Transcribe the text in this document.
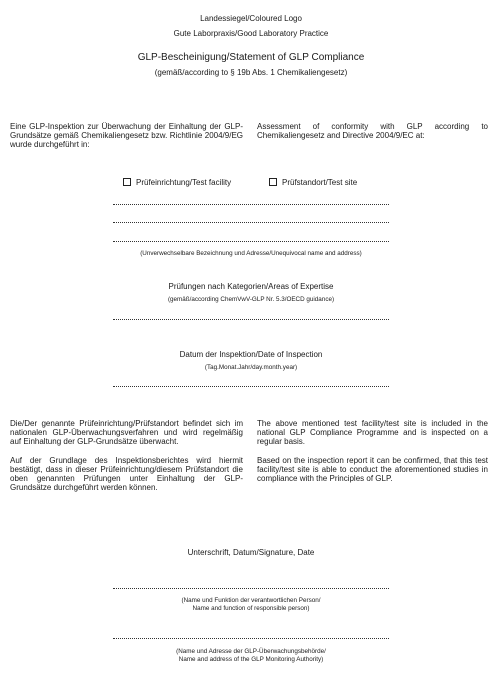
Landessiegel/Coloured Logo
Gute Laborpraxis/Good Laboratory Practice
GLP-Bescheinigung/Statement of GLP Compliance
(gemäß/according to § 19b Abs. 1 Chemikaliengesetz)
Eine GLP-Inspektion zur Überwachung der Einhaltung der GLP-Grundsätze gemäß Chemikaliengesetz bzw. Richtlinie 2004/9/EG wurde durchgeführt in:
Assessment of conformity with GLP according to Chemikaliengesetz and Directive 2004/9/EC at:
Prüfeinrichtung/Test facility	Prüfstandort/Test site
(Unverwechselbare Bezeichnung und Adresse/Unequivocal name and address)
Prüfungen nach Kategorien/Areas of Expertise
(gemäß/according ChemVwV-GLP Nr. 5.3/OECD guidance)
Datum der Inspektion/Date of Inspection
(Tag.Monat.Jahr/day.month.year)

Die/Der genannte Prüfeinrichtung/Prüfstandort befindet sich im nationalen GLP-Überwachungsverfahren und wird regelmäßig auf Einhaltung der GLP-Grundsätze überwacht.

Auf der Grundlage des Inspektionsberichtes wird hiermit bestätigt, dass in dieser Prüfeinrichtung/diesem Prüfstandort die oben genannten Prüfungen unter Einhaltung der GLP-Grundsätze durchgeführt werden können.

The above mentioned test facility/test site is included in the national GLP Compliance Programme and is inspected on a regular basis.

Based on the inspection report it can be confirmed, that this test facility/test site is able to conduct the aforementioned studies in compliance with the Principles of GLP.

Unterschrift, Datum/Signature, Date
(Name und Funktion der verantwortlichen Person/
Name and function of responsible person)
(Name und Adresse der GLP-Überwachungsbehörde/
Name and address of the GLP Monitoring Authority)
